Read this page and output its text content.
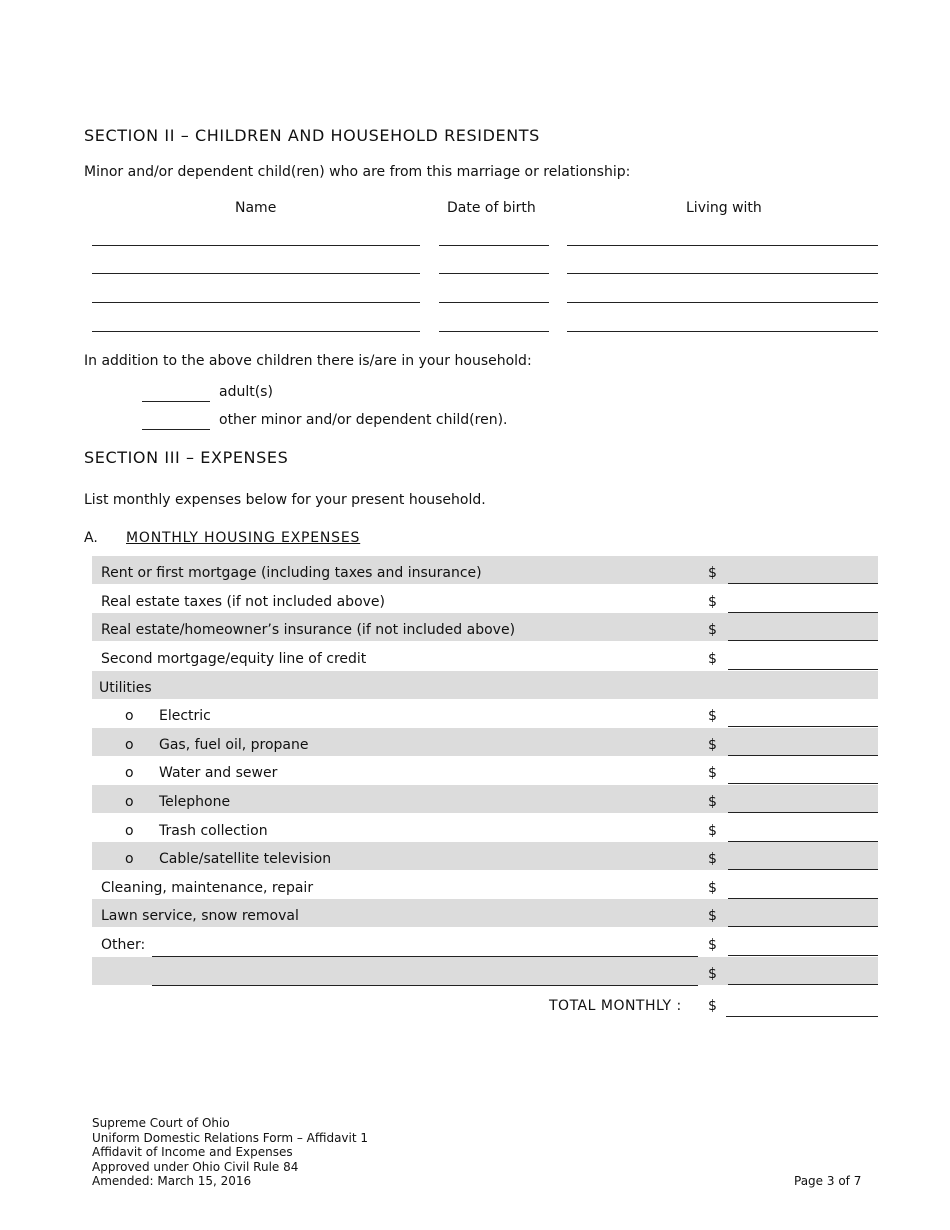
SECTION II – CHILDREN AND HOUSEHOLD RESIDENTS
Minor and/or dependent child(ren) who are from this marriage or relationship:
Name	Date of birth	Living with
In addition to the above children there is/are in your household:
adult(s)
other minor and/or dependent child(ren).
SECTION III – EXPENSES
List monthly expenses below for your present household.
A. MONTHLY HOUSING EXPENSES
Rent or first mortgage (including taxes and insurance)	$
Real estate taxes (if not included above)	$
Real estate/homeowner’s insurance (if not included above)	$
Second mortgage/equity line of credit	$
Utilities
o Electric	$
o Gas, fuel oil, propane	$
o Water and sewer	$
o Telephone	$
o Trash collection	$
o Cable/satellite television	$
Cleaning, maintenance, repair	$
Lawn service, snow removal	$
Other:	$
$
TOTAL MONTHLY : $
Supreme Court of Ohio
Uniform Domestic Relations Form – Affidavit 1
Affidavit of Income and Expenses
Approved under Ohio Civil Rule 84
Amended: March 15, 2016	Page 3 of 7
